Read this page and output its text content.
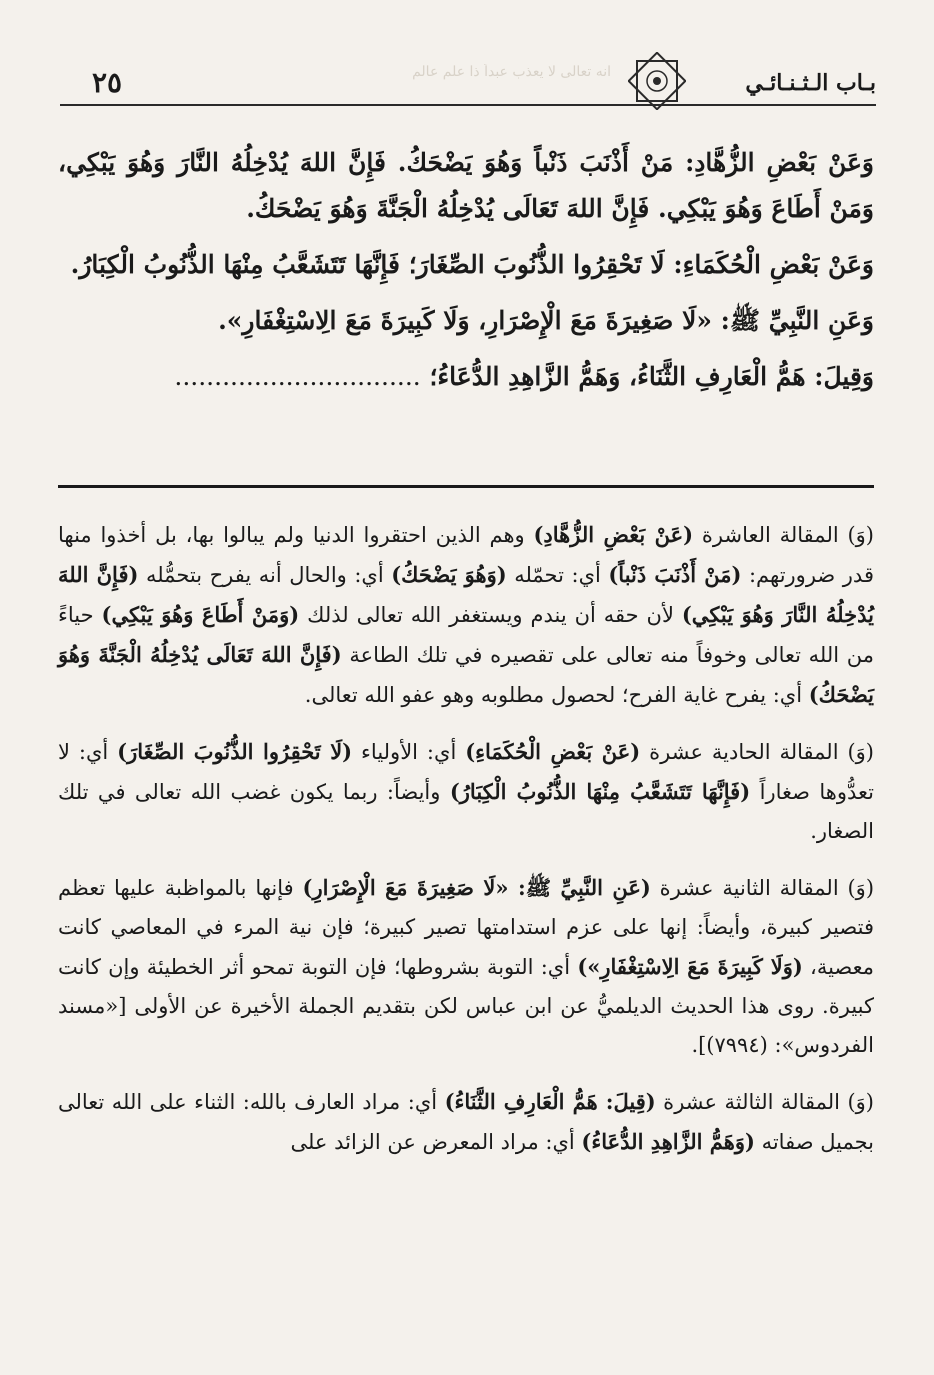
بـاب الـثـنـائـي
انه تعالى لا يعذب عبداً ذا علم عالم
٢٥

وَعَنْ بَعْضِ الزُّهَّادِ: مَنْ أَذْنَبَ ذَنْباً وَهُوَ يَضْحَكُ. فَإِنَّ اللهَ يُدْخِلُهُ النَّارَ وَهُوَ يَبْكِي، وَمَنْ أَطَاعَ وَهُوَ يَبْكِي. فَإِنَّ اللهَ تَعَالَى يُدْخِلُهُ الْجَنَّةَ وَهُوَ يَضْحَكُ.

وَعَنْ بَعْضِ الْحُكَمَاءِ: لَا تَحْقِرُوا الذُّنُوبَ الصِّغَارَ؛ فَإِنَّهَا تَتَشَعَّبُ مِنْهَا الذُّنُوبُ الْكِبَارُ.

وَعَنِ النَّبِيِّ ﷺ: «لَا صَغِيرَةَ مَعَ الْإِصْرَارِ، وَلَا كَبِيرَةَ مَعَ الِاسْتِغْفَارِ».

وَقِيلَ: هَمُّ الْعَارِفِ الثَّنَاءُ، وَهَمُّ الزَّاهِدِ الدُّعَاءُ؛ ...............................

(وَ) المقالة العاشرة (عَنْ بَعْضِ الزُّهَّادِ) وهم الذين احتقروا الدنيا ولم يبالوا بها، بل أخذوا منها قدر ضرورتهم: (مَنْ أَذْنَبَ ذَنْباً) أي: تحمّله (وَهُوَ يَضْحَكُ) أي: والحال أنه يفرح بتحمُّله (فَإِنَّ اللهَ يُدْخِلُهُ النَّارَ وَهُوَ يَبْكِي) لأن حقه أن يندم ويستغفر الله تعالى لذلك (وَمَنْ أَطَاعَ وَهُوَ يَبْكِي) حياءً من الله تعالى وخوفاً منه تعالى على تقصيره في تلك الطاعة (فَإِنَّ اللهَ تَعَالَى يُدْخِلُهُ الْجَنَّةَ وَهُوَ يَضْحَكُ) أي: يفرح غاية الفرح؛ لحصول مطلوبه وهو عفو الله تعالى.

(وَ) المقالة الحادية عشرة (عَنْ بَعْضِ الْحُكَمَاءِ) أي: الأولياء (لَا تَحْقِرُوا الذُّنُوبَ الصِّغَارَ) أي: لا تعدُّوها صغاراً (فَإِنَّهَا تَتَشَعَّبُ مِنْهَا الذُّنُوبُ الْكِبَارُ) وأيضاً: ربما يكون غضب الله تعالى في تلك الصغار.

(وَ) المقالة الثانية عشرة (عَنِ النَّبِيِّ ﷺ: «لَا صَغِيرَةَ مَعَ الْإِصْرَارِ) فإنها بالمواظبة عليها تعظم فتصير كبيرة، وأيضاً: إنها على عزم استدامتها تصير كبيرة؛ فإن نية المرء في المعاصي كانت معصية، (وَلَا كَبِيرَةَ مَعَ الِاسْتِغْفَارِ») أي: التوبة بشروطها؛ فإن التوبة تمحو أثر الخطيئة وإن كانت كبيرة. روى هذا الحديث الديلميُّ عن ابن عباس لكن بتقديم الجملة الأخيرة عن الأولى [«مسند الفردوس»: (٧٩٩٤)].

(وَ) المقالة الثالثة عشرة (قِيلَ: هَمُّ الْعَارِفِ الثَّنَاءُ) أي: مراد العارف بالله: الثناء على الله تعالى بجميل صفاته (وَهَمُّ الزَّاهِدِ الدُّعَاءُ) أي: مراد المعرض عن الزائد على
